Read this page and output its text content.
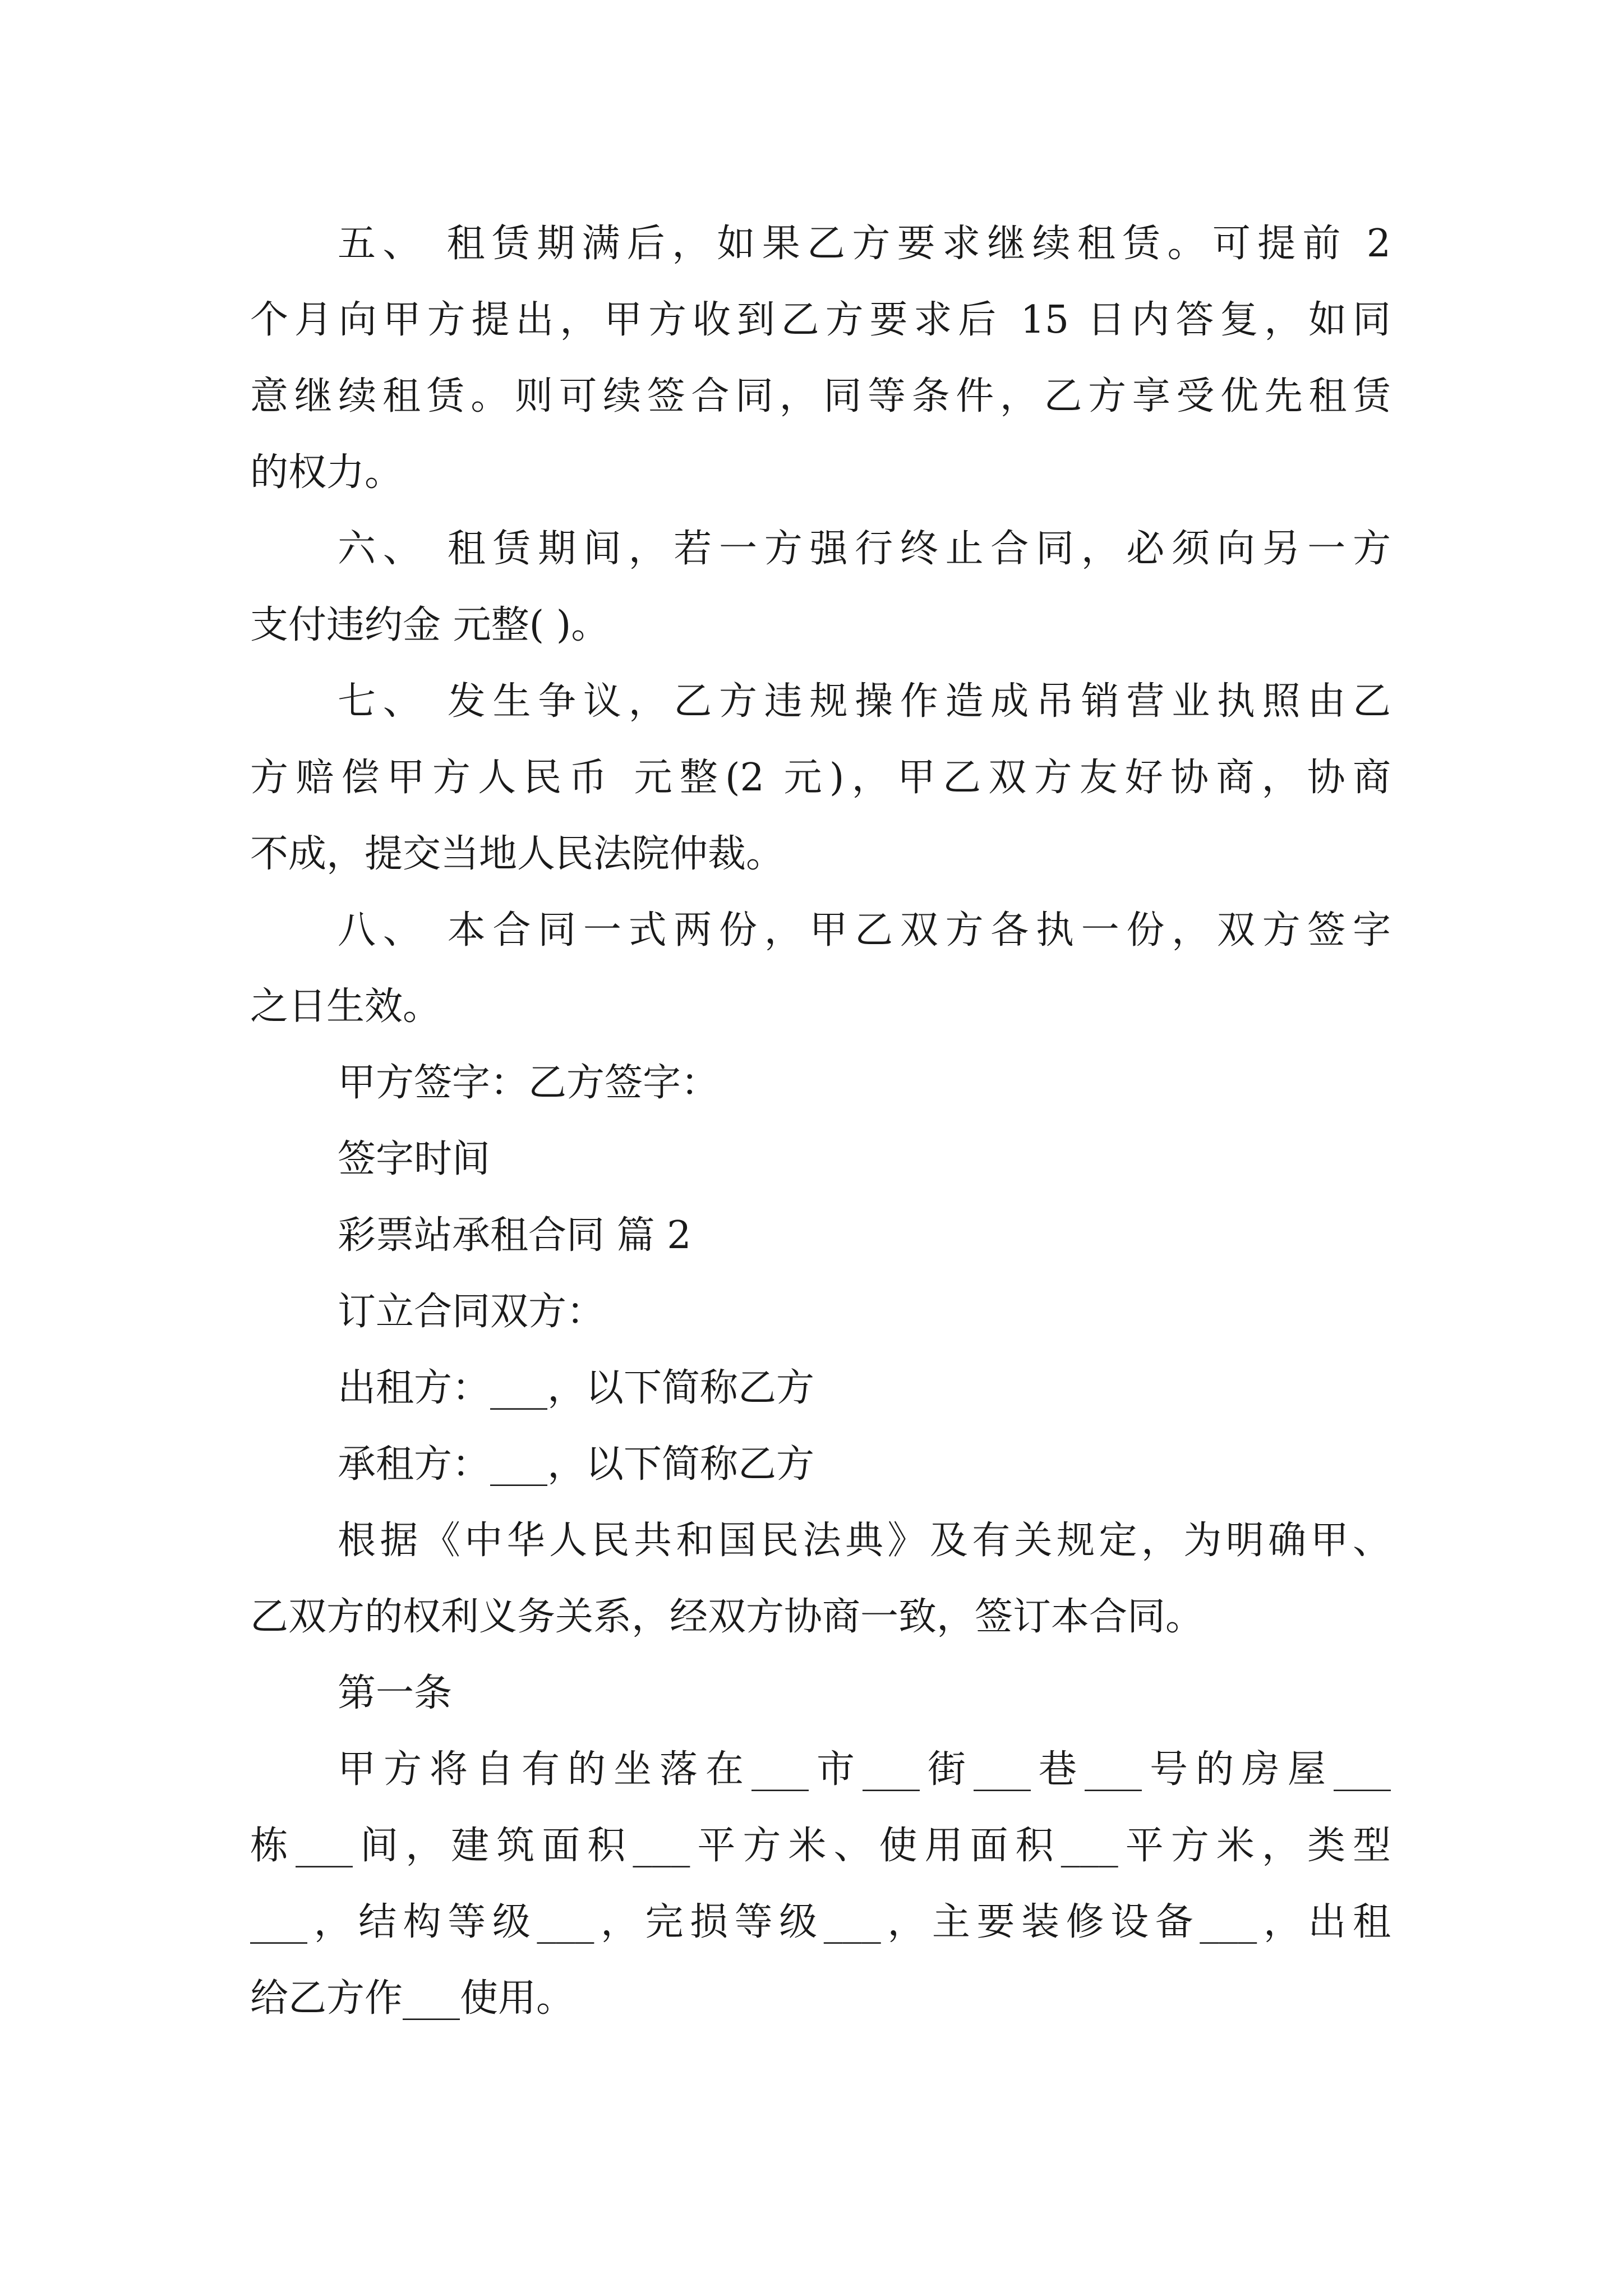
五、 租赁期满后，如果乙方要求继续租赁。可提前 2

个月向甲方提出，甲方收到乙方要求后 15 日内答复，如同

意继续租赁。则可续签合同，同等条件，乙方享受优先租赁

的权力。

六、 租赁期间，若一方强行终止合同，必须向另一方

支付违约金 元整( )。

七、 发生争议，乙方违规操作造成吊销营业执照由乙

方赔偿甲方人民币 元整(2 元)，甲乙双方友好协商，协商

不成，提交当地人民法院仲裁。

八、 本合同一式两份，甲乙双方各执一份，双方签字

之日生效。

甲方签字：乙方签字：

签字时间

彩票站承租合同 篇 2

订立合同双方：

出租方：___，以下简称乙方

承租方：___，以下简称乙方

根据《中华人民共和国民法典》及有关规定，为明确甲、

乙双方的权利义务关系，经双方协商一致，签订本合同。

第一条

甲方将自有的坐落在___市___街___巷___号的房屋___

栋___间，建筑面积___平方米、使用面积___平方米，类型

___，结构等级___，完损等级___，主要装修设备___，出租

给乙方作___使用。
